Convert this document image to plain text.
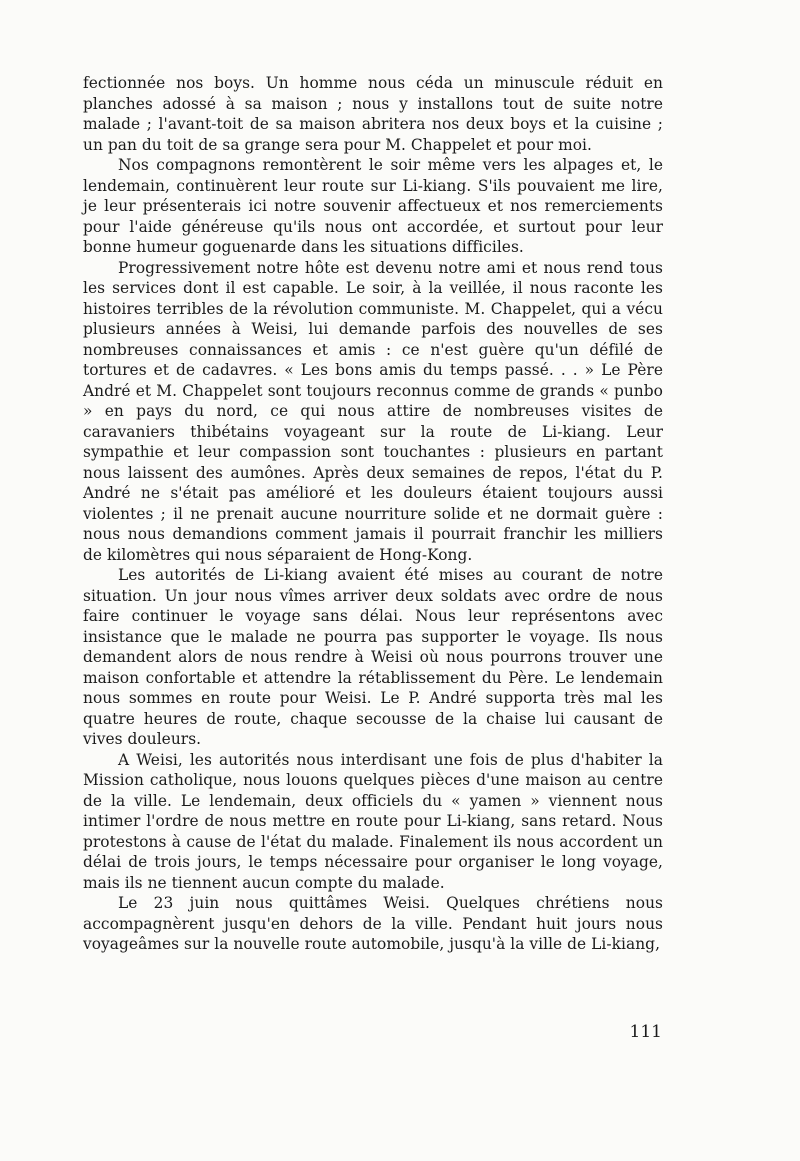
fectionnée nos boys. Un homme nous céda un minuscule réduit en planches adossé à sa maison ; nous y installons tout de suite notre malade ; l'avant-toit de sa maison abritera nos deux boys et la cuisine ; un pan du toit de sa grange sera pour M. Chappelet et pour moi.

Nos compagnons remontèrent le soir même vers les alpages et, le lendemain, continuèrent leur route sur Li-kiang. S'ils pouvaient me lire, je leur présenterais ici notre souvenir affectueux et nos remerciements pour l'aide généreuse qu'ils nous ont accordée, et surtout pour leur bonne humeur goguenarde dans les situations difficiles.

Progressivement notre hôte est devenu notre ami et nous rend tous les services dont il est capable. Le soir, à la veillée, il nous raconte les histoires terribles de la révolution communiste. M. Chappelet, qui a vécu plusieurs années à Weisi, lui demande parfois des nouvelles de ses nombreuses connaissances et amis : ce n'est guère qu'un défilé de tortures et de cadavres. « Les bons amis du temps passé. . . » Le Père André et M. Chappelet sont toujours reconnus comme de grands « punbo » en pays du nord, ce qui nous attire de nombreuses visites de caravaniers thibétains voyageant sur la route de Li-kiang. Leur sympathie et leur compassion sont touchantes : plusieurs en partant nous laissent des aumônes. Après deux semaines de repos, l'état du P. André ne s'était pas amélioré et les douleurs étaient toujours aussi violentes ; il ne prenait aucune nourriture solide et ne dormait guère : nous nous demandions comment jamais il pourrait franchir les milliers de kilomètres qui nous séparaient de Hong-Kong.

Les autorités de Li-kiang avaient été mises au courant de notre situation. Un jour nous vîmes arriver deux soldats avec ordre de nous faire continuer le voyage sans délai. Nous leur représentons avec insistance que le malade ne pourra pas supporter le voyage. Ils nous demandent alors de nous rendre à Weisi où nous pourrons trouver une maison confortable et attendre la rétablissement du Père. Le lendemain nous sommes en route pour Weisi. Le P. André supporta très mal les quatre heures de route, chaque secousse de la chaise lui causant de vives douleurs.

A Weisi, les autorités nous interdisant une fois de plus d'habiter la Mission catholique, nous louons quelques pièces d'une maison au centre de la ville. Le lendemain, deux officiels du « yamen » viennent nous intimer l'ordre de nous mettre en route pour Li-kiang, sans retard. Nous protestons à cause de l'état du malade. Finalement ils nous accordent un délai de trois jours, le temps nécessaire pour organiser le long voyage, mais ils ne tiennent aucun compte du malade.

Le 23 juin nous quittâmes Weisi. Quelques chrétiens nous accompagnèrent jusqu'en dehors de la ville. Pendant huit jours nous voyageâmes sur la nouvelle route automobile, jusqu'à la ville de Li-kiang,

111
